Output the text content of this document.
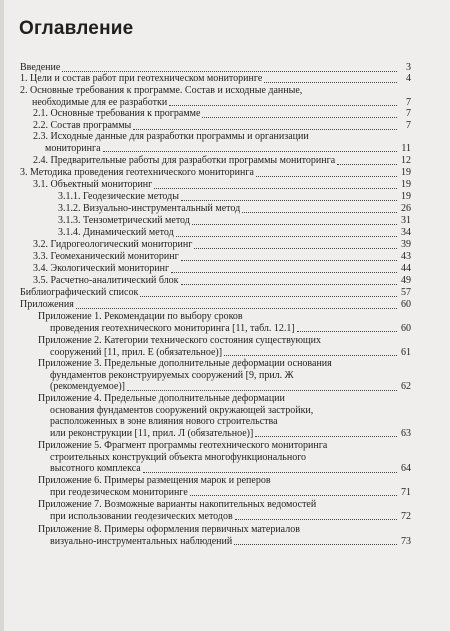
Оглавление
Введение	3
1. Цели и состав работ при геотехническом мониторинге	4
2. Основные требования к программе. Состав и исходные данные,
необходимые для ее разработки	7
2.1. Основные требования к программе	7
2.2. Состав программы	7
2.3. Исходные данные для разработки программы и организации
мониторинга	11
2.4. Предварительные работы для разработки программы мониторинга	12
3. Методика проведения геотехнического мониторинга	19
3.1. Объектный мониторинг	19
3.1.1. Геодезические методы	19
3.1.2. Визуально-инструментальный метод	26
3.1.3. Тензометрический метод	31
3.1.4. Динамический метод	34
3.2. Гидрогеологический мониторинг	39
3.3. Геомеханический мониторинг	43
3.4. Экологический мониторинг	44
3.5. Расчетно-аналитический блок	49
Библиографический список	57
Приложения	60
Приложение 1. Рекомендации по выбору сроков
проведения геотехнического мониторинга [11, табл. 12.1]	60
Приложение 2. Категории технического состояния существующих
сооружений [11, прил. Е (обязательное)]	61
Приложение 3. Предельные дополнительные деформации основания
фундаментов реконструируемых сооружений [9, прил. Ж
(рекомендуемое)]	62
Приложение 4. Предельные дополнительные деформации
основания фундаментов сооружений окружающей застройки,
расположенных в зоне влияния нового строительства
или реконструкции [11, прил. Л (обязательное)]	63
Приложение 5. Фрагмент программы геотехнического мониторинга
строительных конструкций объекта многофункционального
высотного комплекса	64
Приложение 6. Примеры размещения марок и реперов
при геодезическом мониторинге	71
Приложение 7. Возможные варианты накопительных ведомостей
при использовании геодезических методов	72
Приложение 8. Примеры оформления первичных материалов
визуально-инструментальных наблюдений	73
